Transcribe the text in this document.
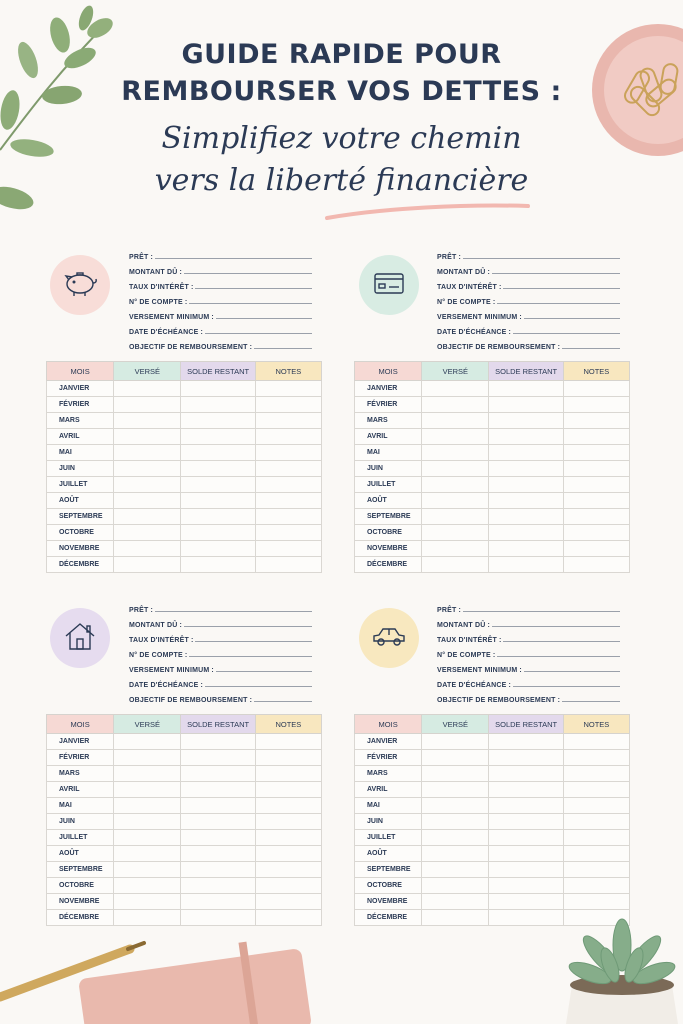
GUIDE RAPIDE POUR
REMBOURSER VOS DETTES :
Simplifiez votre chemin
vers la liberté financière
PRÊT :
MONTANT DÛ :
TAUX D'INTÉRÊT :
N° DE COMPTE :
VERSEMENT MINIMUM :
DATE D'ÉCHÉANCE :
OBJECTIF DE REMBOURSEMENT :
MOIS	VERSÉ	SOLDE RESTANT	NOTES
JANVIER			
FÉVRIER			
MARS			
AVRIL			
MAI			
JUIN			
JUILLET			
AOÛT			
SEPTEMBRE			
OCTOBRE			
NOVEMBRE			
DÉCEMBRE			
PRÊT :
MONTANT DÛ :
TAUX D'INTÉRÊT :
N° DE COMPTE :
VERSEMENT MINIMUM :
DATE D'ÉCHÉANCE :
OBJECTIF DE REMBOURSEMENT :
MOIS	VERSÉ	SOLDE RESTANT	NOTES
JANVIER			
FÉVRIER			
MARS			
AVRIL			
MAI			
JUIN			
JUILLET			
AOÛT			
SEPTEMBRE			
OCTOBRE			
NOVEMBRE			
DÉCEMBRE			
PRÊT :
MONTANT DÛ :
TAUX D'INTÉRÊT :
N° DE COMPTE :
VERSEMENT MINIMUM :
DATE D'ÉCHÉANCE :
OBJECTIF DE REMBOURSEMENT :
MOIS	VERSÉ	SOLDE RESTANT	NOTES
JANVIER			
FÉVRIER			
MARS			
AVRIL			
MAI			
JUIN			
JUILLET			
AOÛT			
SEPTEMBRE			
OCTOBRE			
NOVEMBRE			
DÉCEMBRE			
PRÊT :
MONTANT DÛ :
TAUX D'INTÉRÊT :
N° DE COMPTE :
VERSEMENT MINIMUM :
DATE D'ÉCHÉANCE :
OBJECTIF DE REMBOURSEMENT :
MOIS	VERSÉ	SOLDE RESTANT	NOTES
JANVIER			
FÉVRIER			
MARS			
AVRIL			
MAI			
JUIN			
JUILLET			
AOÛT			
SEPTEMBRE			
OCTOBRE			
NOVEMBRE			
DÉCEMBRE			
